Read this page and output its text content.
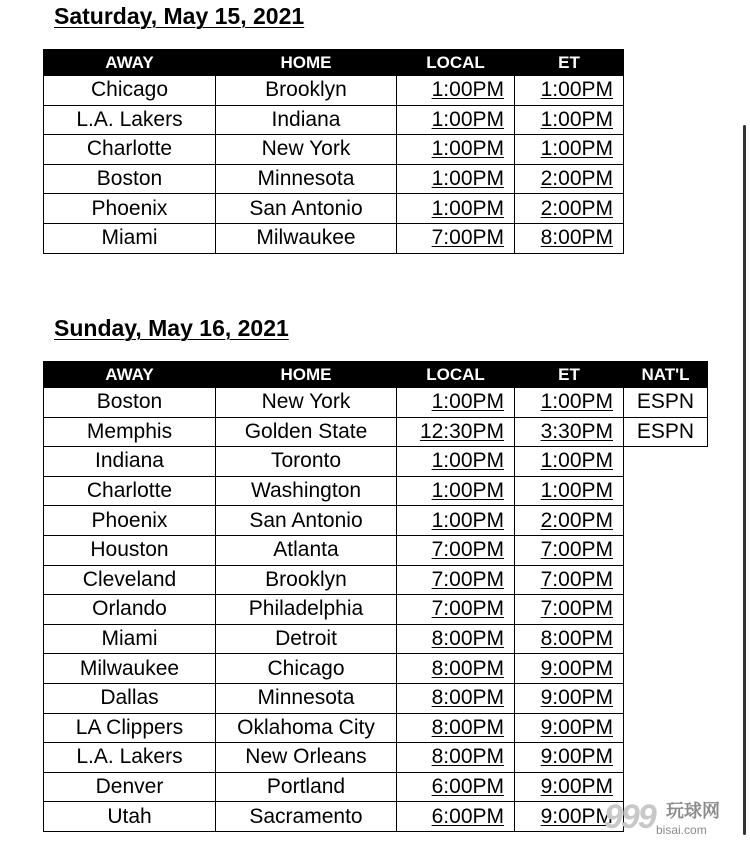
Saturday, May 15, 2021
AWAY	HOME	LOCAL	ET
Chicago	Brooklyn	1:00PM	1:00PM
L.A. Lakers	Indiana	1:00PM	1:00PM
Charlotte	New York	1:00PM	1:00PM
Boston	Minnesota	1:00PM	2:00PM
Phoenix	San Antonio	1:00PM	2:00PM
Miami	Milwaukee	7:00PM	8:00PM
Sunday, May 16, 2021
AWAY	HOME	LOCAL	ET	NAT'L
Boston	New York	1:00PM	1:00PM	ESPN
Memphis	Golden State	12:30PM	3:30PM	ESPN
Indiana	Toronto	1:00PM	1:00PM	
Charlotte	Washington	1:00PM	1:00PM	
Phoenix	San Antonio	1:00PM	2:00PM	
Houston	Atlanta	7:00PM	7:00PM	
Cleveland	Brooklyn	7:00PM	7:00PM	
Orlando	Philadelphia	7:00PM	7:00PM	
Miami	Detroit	8:00PM	8:00PM	
Milwaukee	Chicago	8:00PM	9:00PM	
Dallas	Minnesota	8:00PM	9:00PM	
LA Clippers	Oklahoma City	8:00PM	9:00PM	
L.A. Lakers	New Orleans	8:00PM	9:00PM	
Denver	Portland	6:00PM	9:00PM	
Utah	Sacramento	6:00PM	9:00PM	
999 玩球网
bisai.com
